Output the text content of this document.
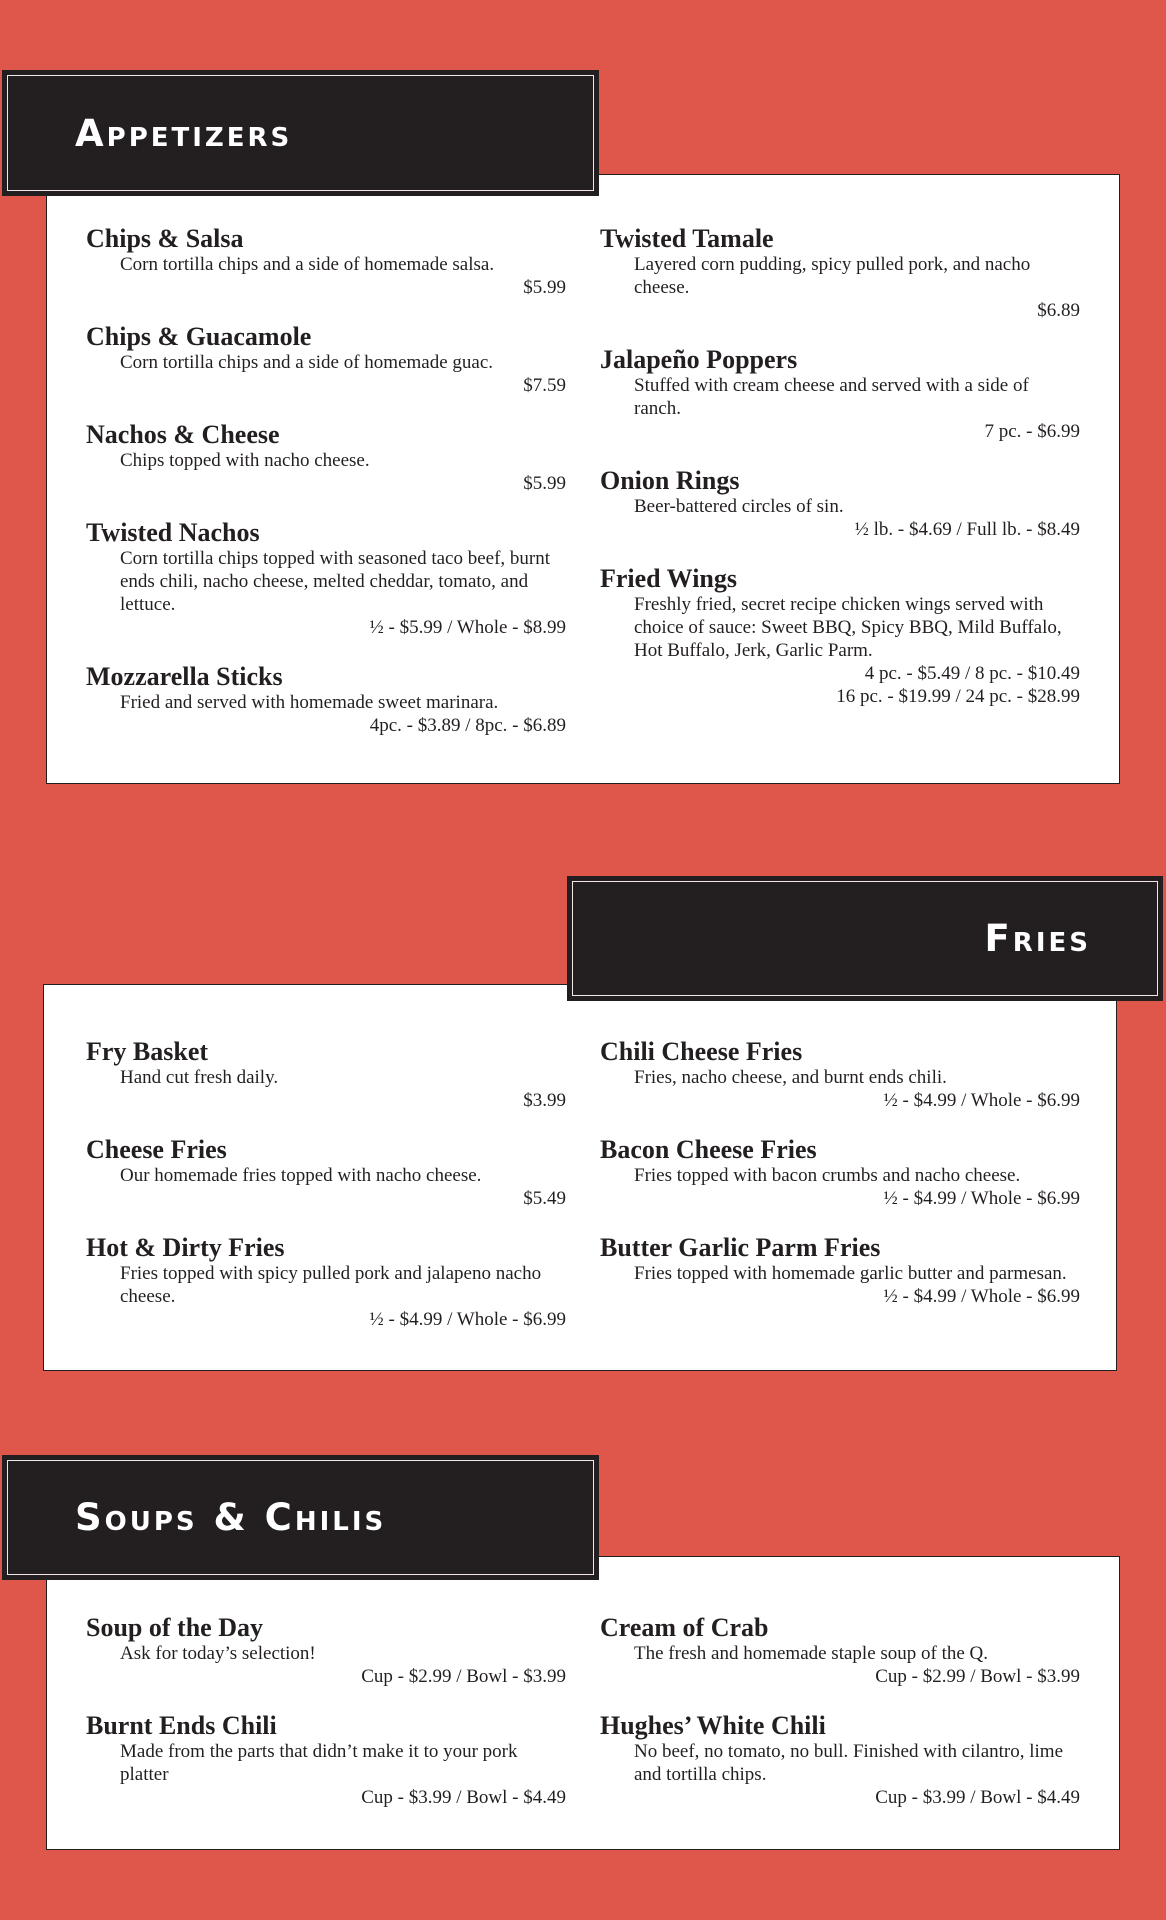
Chips & Salsa
Corn tortilla chips and a side of homemade salsa.
$5.99
Chips & Guacamole
Corn tortilla chips and a side of homemade guac.
$7.59
Nachos & Cheese
Chips topped with nacho cheese.
$5.99
Twisted Nachos
Corn tortilla chips topped with seasoned taco beef, burnt ends chili, nacho cheese, melted cheddar, tomato, and lettuce.
½ - $5.99 / Whole - $8.99
Mozzarella Sticks
Fried and served with homemade sweet marinara.
4pc. - $3.89 / 8pc. - $6.89
Twisted Tamale
Layered corn pudding, spicy pulled pork, and nacho cheese.
$6.89
Jalapeño Poppers
Stuffed with cream cheese and served with a side of ranch.
7 pc. - $6.99
Onion Rings
Beer-battered circles of sin.
½ lb. - $4.69 / Full lb. - $8.49
Fried Wings
Freshly fried, secret recipe chicken wings served with choice of sauce: Sweet BBQ, Spicy BBQ, Mild Buffalo, Hot Buffalo, Jerk, Garlic Parm.
4 pc. - $5.49 / 8 pc. - $10.49
16 pc. - $19.99 / 24 pc. - $28.99
Appetizers
Fry Basket
Hand cut fresh daily.
$3.99
Cheese Fries
Our homemade fries topped with nacho cheese.
$5.49
Hot & Dirty Fries
Fries topped with spicy pulled pork and jalapeno nacho cheese.
½ - $4.99 / Whole - $6.99
Chili Cheese Fries
Fries, nacho cheese, and burnt ends chili.
½ - $4.99 / Whole - $6.99
Bacon Cheese Fries
Fries topped with bacon crumbs and nacho cheese.
½ - $4.99 / Whole - $6.99
Butter Garlic Parm Fries
Fries topped with homemade garlic butter and parmesan.
½ - $4.99 / Whole - $6.99
Fries
Soup of the Day
Ask for today’s selection!
Cup - $2.99 / Bowl - $3.99
Burnt Ends Chili
Made from the parts that didn’t make it to your pork platter
Cup - $3.99 / Bowl - $4.49
Cream of Crab
The fresh and homemade staple soup of the Q.
Cup - $2.99 / Bowl - $3.99
Hughes’ White Chili
No beef, no tomato, no bull. Finished with cilantro, lime and tortilla chips.
Cup - $3.99 / Bowl - $4.49
Soups & Chilis
